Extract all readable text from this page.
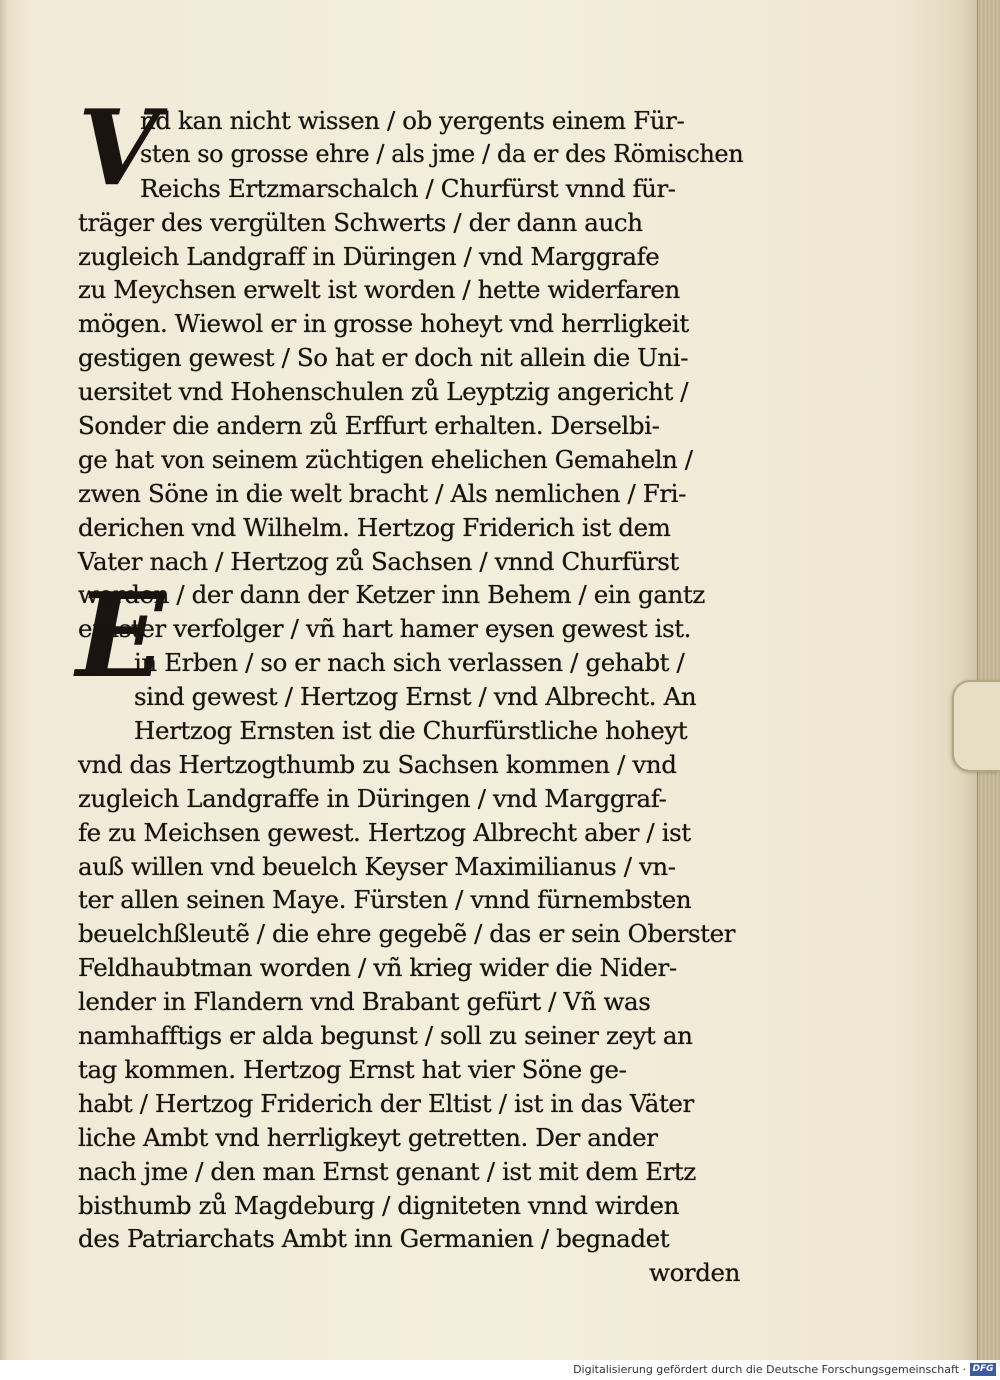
V
E
nd kan nicht wissen / ob yergents einem Für-
sten so grosse ehre / als jme / da er des Römischen
Reichs Ertzmarschalch / Churfürst vnnd für-
träger des vergülten Schwerts / der dann auch
zugleich Landgraff in Düringen / vnd Marggrafe
zu Meychsen erwelt ist worden / hette widerfaren
mögen. Wiewol er in grosse hoheyt vnd herrligkeit
gestigen gewest / So hat er doch nit allein die Uni-
uersitet vnd Hohenschulen zů Leyptzig angericht /
Sonder die andern zů Erffurt erhalten. Derselbi-
ge hat von seinem züchtigen ehelichen Gemaheln /
zwen Söne in die welt bracht / Als nemlichen / Fri-
derichen vnd Wilhelm. Hertzog Friderich ist dem
Vater nach / Hertzog zů Sachsen / vnnd Churfürst
worden / der dann der Ketzer inn Behem / ein gantz
ernster verfolger / vñ hart hamer eysen gewest ist.
in Erben / so er nach sich verlassen / gehabt /
sind gewest / Hertzog Ernst / vnd Albrecht. An
Hertzog Ernsten ist die Churfürstliche hoheyt
vnd das Hertzogthumb zu Sachsen kommen / vnd
zugleich Landgraffe in Düringen / vnd Marggraf-
fe zu Meichsen gewest. Hertzog Albrecht aber / ist
auß willen vnd beuelch Keyser Maximilianus / vn-
ter allen seinen Maye. Fürsten / vnnd fürnembsten
beuelchßleutẽ / die ehre gegebẽ / das er sein Oberster
Feldhaubtman worden / vñ krieg wider die Nider-
lender in Flandern vnd Brabant gefürt / Vñ was
namhafftigs er alda begunst / soll zu seiner zeyt an
tag kommen. Hertzog Ernst hat vier Söne ge-
habt / Hertzog Friderich der Eltist / ist in das Väter
liche Ambt vnd herrligkeyt getretten. Der ander
nach jme / den man Ernst genant / ist mit dem Ertz
bisthumb zů Magdeburg / digniteten vnnd wirden
des Patriarchats Ambt inn Germanien / begnadet
worden
Digitalisierung gefördert durch die Deutsche Forschungsgemeinschaft · DFG
